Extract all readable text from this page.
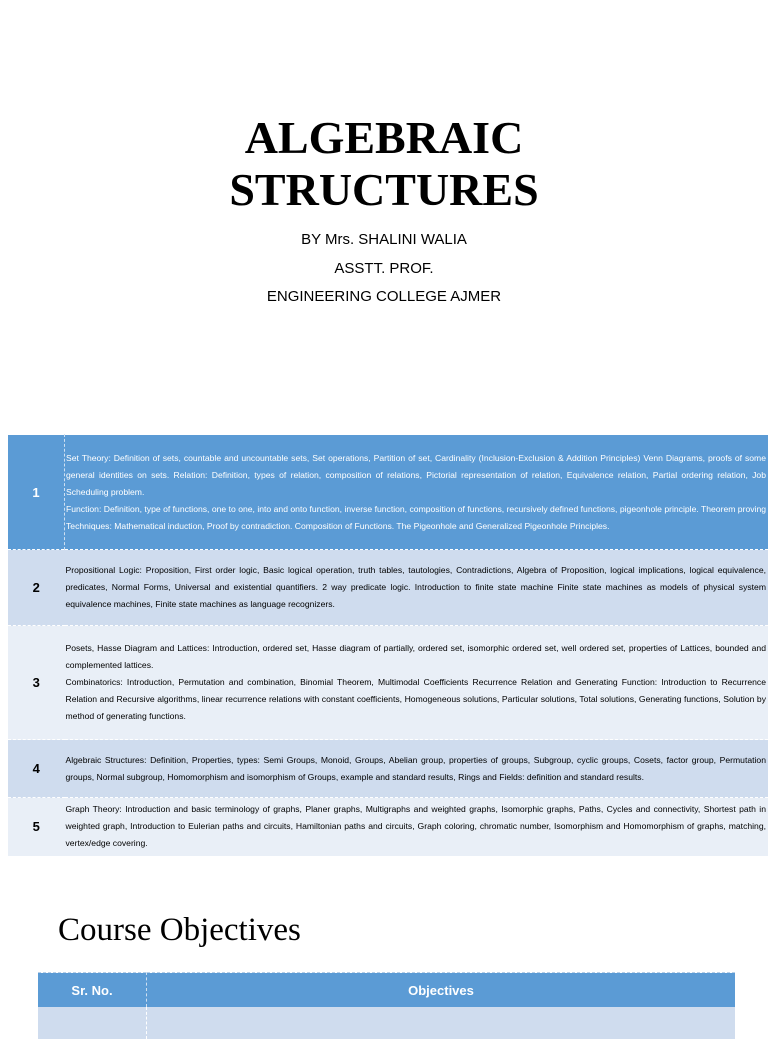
ALGEBRAIC
STRUCTURES
BY Mrs. SHALINI WALIA
ASSTT. PROF.
ENGINEERING COLLEGE AJMER
1	Set Theory: Definition of sets, countable and uncountable sets, Set operations, Partition of set, Cardinality (Inclusion-Exclusion & Addition Principles) Venn Diagrams, proofs of some general identities on sets. Relation: Definition, types of relation, composition of relations, Pictorial representation of relation, Equivalence relation, Partial ordering relation, Job Scheduling problem.

Function: Definition, type of functions, one to one, into and onto function, inverse function, composition of functions, recursively defined functions, pigeonhole principle. Theorem proving Techniques: Mathematical induction, Proof by contradiction. Composition of Functions. The Pigeonhole and Generalized Pigeonhole Principles.

2	Propositional Logic: Proposition, First order logic, Basic logical operation, truth tables, tautologies, Contradictions, Algebra of Proposition, logical implications, logical equivalence, predicates, Normal Forms, Universal and existential quantifiers. 2 way predicate logic. Introduction to finite state machine Finite state machines as models of physical system equivalence machines, Finite state machines as language recognizers.

3	Posets, Hasse Diagram and Lattices: Introduction, ordered set, Hasse diagram of partially, ordered set, isomorphic ordered set, well ordered set, properties of Lattices, bounded and complemented lattices.

Combinatorics: Introduction, Permutation and combination, Binomial Theorem, Multimodal Coefficients Recurrence Relation and Generating Function: Introduction to Recurrence Relation and Recursive algorithms, linear recurrence relations with constant coefficients, Homogeneous solutions, Particular solutions, Total solutions, Generating functions, Solution by method of generating functions.

4	Algebraic Structures: Definition, Properties, types: Semi Groups, Monoid, Groups, Abelian group, properties of groups, Subgroup, cyclic groups, Cosets, factor group, Permutation groups, Normal subgroup, Homomorphism and isomorphism of Groups, example and standard results, Rings and Fields: definition and standard results.

5	Graph Theory: Introduction and basic terminology of graphs, Planer graphs, Multigraphs and weighted graphs, Isomorphic graphs, Paths, Cycles and connectivity, Shortest path in weighted graph, Introduction to Eulerian paths and circuits, Hamiltonian paths and circuits, Graph coloring, chromatic number, Isomorphism and Homomorphism of graphs, matching, vertex/edge covering.

Course Objectives
Sr. No.	Objectives
